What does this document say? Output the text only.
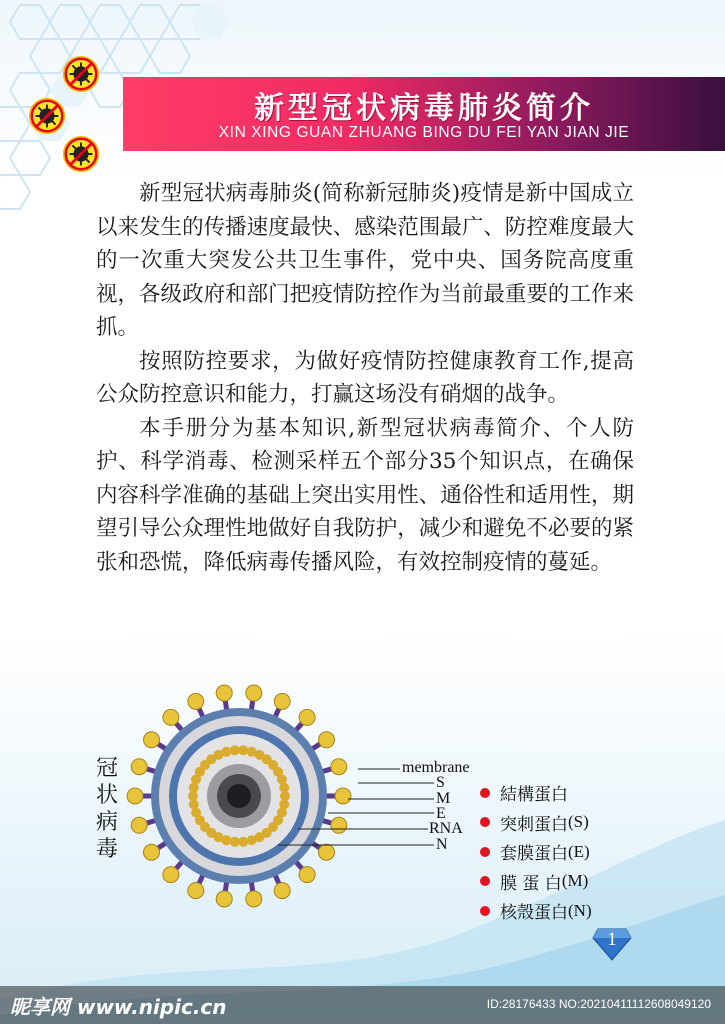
新型冠状病毒肺炎简介
XIN XING GUAN ZHUANG BING DU FEI YAN JIAN JIE

新型冠状病毒肺炎(简称新冠肺炎)疫情是新中国成立以来发生的传播速度最快、感染范围最广、防控难度最大的一次重大突发公共卫生事件，党中央、国务院高度重视，各级政府和部门把疫情防控作为当前最重要的工作来抓。

按照防控要求，为做好疫情防控健康教育工作,提高公众防控意识和能力，打赢这场没有硝烟的战争。

本手册分为基本知识,新型冠状病毒简介、个人防护、科学消毒、检测采样五个部分35个知识点，在确保内容科学准确的基础上突出实用性、通俗性和适用性，期望引导公众理性地做好自我防护，减少和避免不必要的紧张和恐慌，降低病毒传播风险，有效控制疫情的蔓延。

冠
状
病
毒
membrane
S
M
E
RNA
N
結構蛋白
突刺蛋白 (S)
套膜蛋白 (E)
膜 蛋 白 (M)
核殼蛋白 (N)
1
昵享网 www.nipic.cn	ID:28176433 NO:20210411112608049120
